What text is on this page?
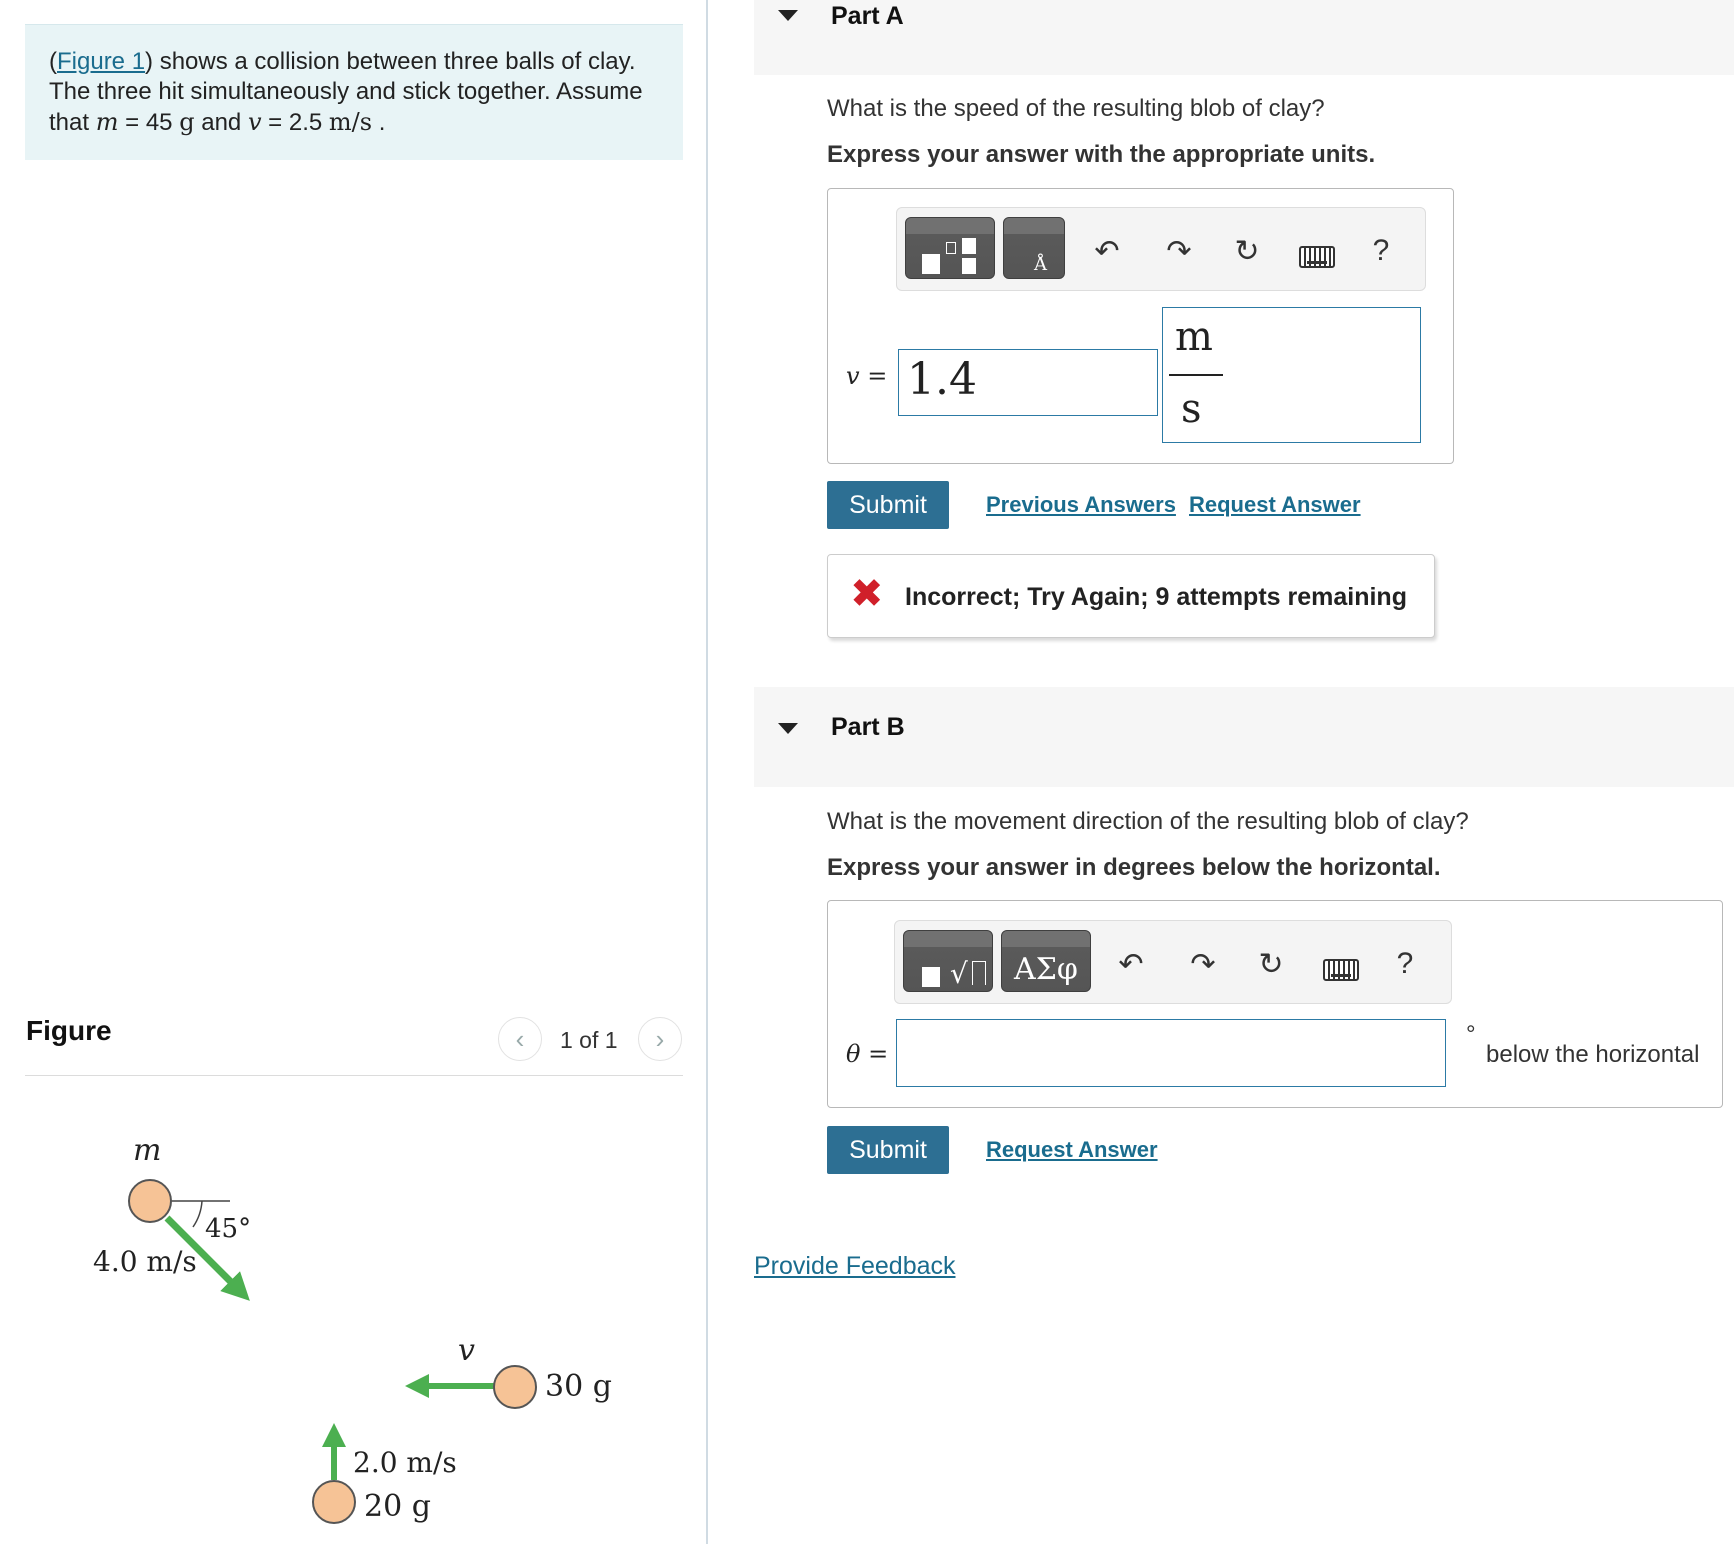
(Figure 1) shows a collision between three balls of clay.
The three hit simultaneously and stick together. Assume
that m = 45 g and v = 2.5 m/s .
Figure	‹	1 of 1	›
m
45°
4.0 m/s
v
30 g
2.0 m/s
20 g
Part A
What is the speed of the resulting blob of clay?
Express your answer with the appropriate units.
Å ↶ ↷ ↻	?
v = 1.4
m
s
Submit	Previous Answers Request Answer
✖ Incorrect; Try Again; 9 attempts remaining
Part B
What is the movement direction of the resulting blob of clay?
Express your answer in degrees below the horizontal.
√	ΑΣφ	↶ ↷ ↻	?
θ =
°
below the horizontal
Submit	Request Answer
Provide Feedback
